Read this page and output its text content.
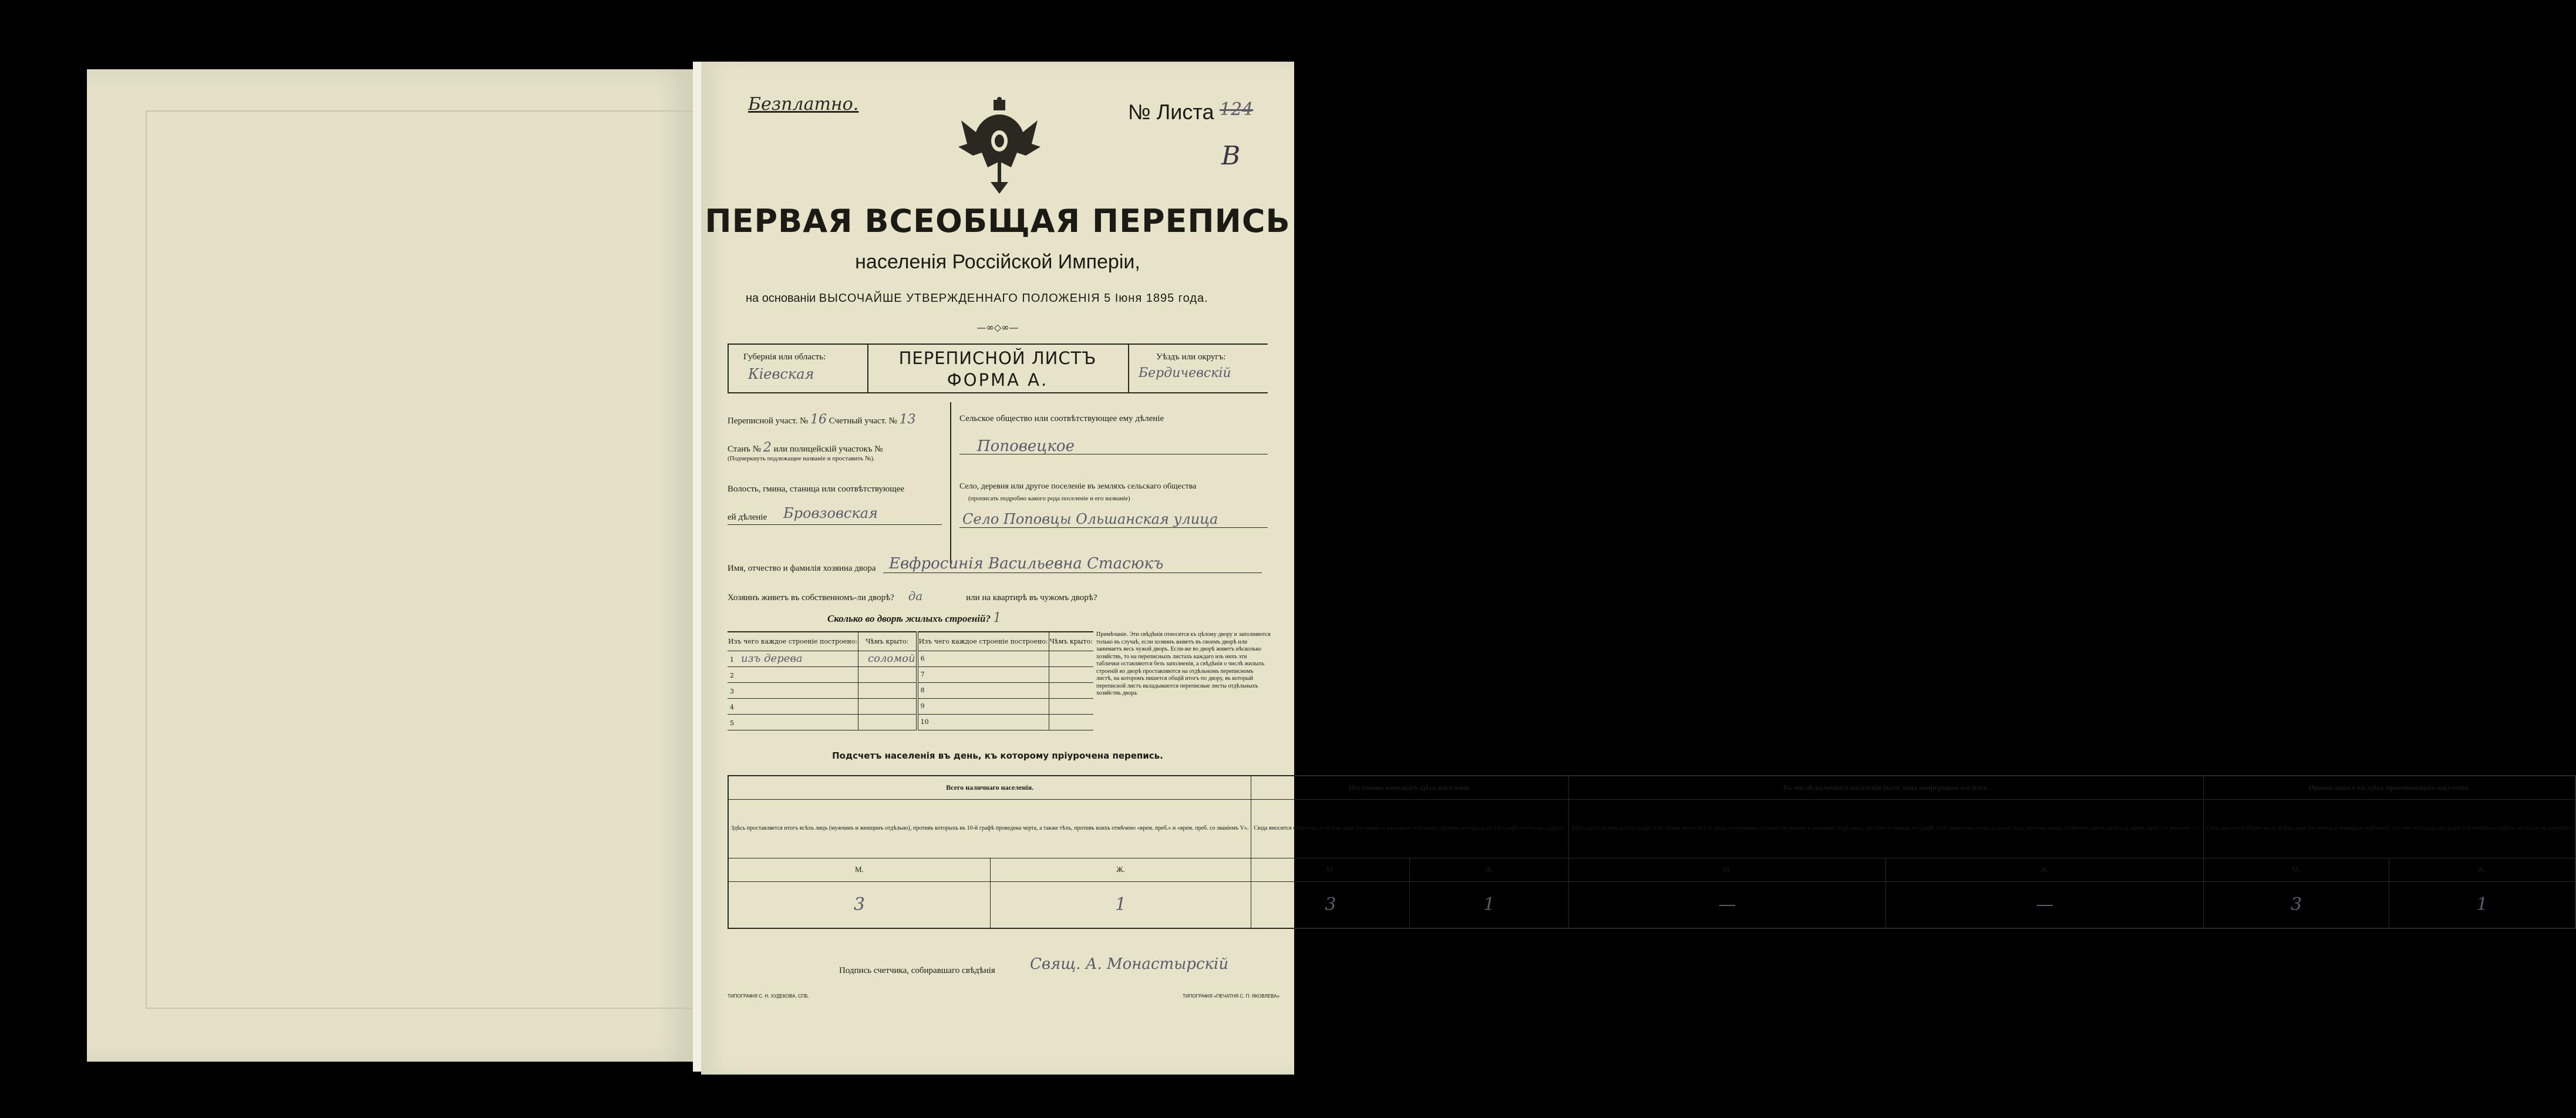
Безплатно.	№ Листа 124
В
ПЕРВАЯ ВСЕОБЩАЯ ПЕРЕПИСЬ
населенія Россійской Имперіи,
на основаніи ВЫСОЧАЙШЕ УТВЕРЖДЕННАГО ПОЛОЖЕНІЯ 5 Іюня 1895 года.
—∞◇∞—
Губернія или область:
Кіевская
ПЕРЕПИСНОЙ ЛИСТЪ
ФОРМА А.
Уѣздъ или округъ:
Бердичевскій
Переписной участ. № 16 Счетный участ. № 13
Станъ № 2 или полицейскій участокъ №
(Подчеркнуть подлежащее названіе и проставить №).
Волость, гмина, станица или соотвѣтствующее
ей дѣленіе Бровзовская
Сельское общество или соотвѣтствующее ему дѣленіе
Поповецкое
Село, деревня или другое поселеніе въ земляхъ сельскаго общества
(прописать подробно какого рода поселеніе и его названіе)
Село Поповцы Ольшанская улица
Имя, отчество и фамилія хозяина двора Евфросинія Васильевна Стасюкъ
Хозяинъ живетъ въ собственномъ-ли дворѣ? да	или на квартирѣ въ чужомъ дворѣ?
Сколько во дворѣ жилыхъ строеній? 1
Изъ чего каждое строеніе построено:	Чѣмъ крыто:	Изъ чего каждое строеніе построено:	Чѣмъ крыто:
1 изъ дерева	соломой	6	
2		7	
3		8	
4		9	
5		10	
Примѣчаніе. Эти свѣдѣнія относятся къ цѣлому двору и заполняются только въ случаѣ, если хозяинъ живетъ въ своемъ дворѣ или занимаетъ весь чужой дворъ. Если-же во дворѣ живетъ нѣсколько хозяйствъ, то на переписныхъ листахъ каждаго изъ нихъ эти таблички оставляются безъ заполненія, а свѣдѣнія о числѣ жилыхъ строеній во дворѣ проставляются на отдѣльномъ переписномъ листѣ, на которомъ пишется общій итогъ по двору, въ который переписной листъ вкладываются переписные листы отдѣльныхъ хозяйствъ двора.
Подсчетъ населенія въ день, къ которому пріурочена перепись.
Всего наличнаго населенія.		Постоянно живущаго здѣсь населенія.		Въ числѣ наличнаго населенія было лицъ непрерывно оселыхъ.		Приписаннаго къ здѣсь проживающаго населенія.	
Здѣсь проставляется итогъ всѣхъ лицъ (мужчинъ и женщинъ отдѣльно), противъ которыхъ въ 10-й графѣ проведена черта, а также тѣхъ, противъ коихъ отмѣчено «врем. преб.» и «врем. преб. со званіемъ V».		Сюда вносится общее число всѣхъ лицъ (мужчинъ и женщинъ отдѣльно), противъ которыхъ въ 9-й графѣ отмѣчено «здѣсь».		Здѣсь проставляется (изъ графы 6-й) общее число всѣхъ лицъ непрерывно оселыхъ (мужчинъ и женщинъ отдѣльно), противъ которыхъ въ графѣ 10-й проведена черта, а также тѣхъ, противъ коихъ отмѣчено «врем. преб.» и «врем. преб. со званіемъ V».		Сюда вносится общее число всѣхъ лицъ (мужчинъ и женщинъ отдѣльно), противъ которыхъ въ графѣ 9-й отмѣчено «здѣсь» и «здѣсь въ отлучкѣ».	
М.	Ж.	М.	Ж.	М.	Ж.	М.	Ж.
3	1	3	1	—	—	3	1
Подпись счетчика, собиравшаго свѣдѣнія Свящ. А. Монастырскій
ТИПОГРАФІЯ С. Н. ХУДЕКОВА, СПБ.	ТИПОГРАФІЯ «ПЕЧАТНЯ С. П. ЯКОВЛЕВА»
